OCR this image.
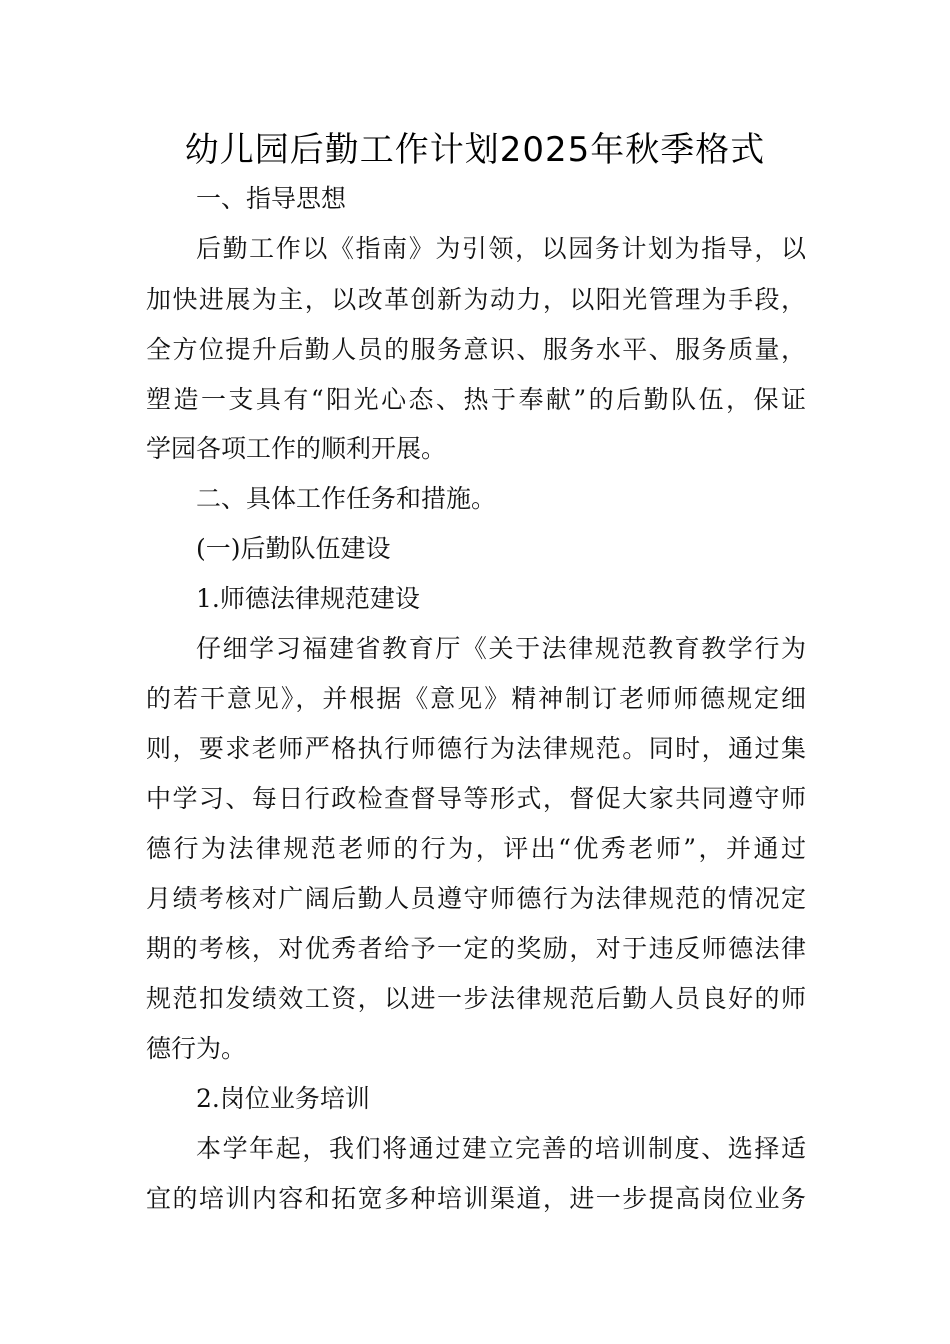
幼儿园后勤工作计划2025年秋季格式
一、指导思想
后勤工作以《指南》为引领，以园务计划为指导，以
加快进展为主，以改革创新为动力，以阳光管理为手段，
全方位提升后勤人员的服务意识、服务水平、服务质量，
塑造一支具有“阳光心态、热于奉献”的后勤队伍，保证
学园各项工作的顺利开展。
二、具体工作任务和措施。
(一)后勤队伍建设
1.师德法律规范建设
仔细学习福建省教育厅《关于法律规范教育教学行为
的若干意见》，并根据《意见》精神制订老师师德规定细
则，要求老师严格执行师德行为法律规范。同时，通过集
中学习、每日行政检查督导等形式，督促大家共同遵守师
德行为法律规范老师的行为，评出“优秀老师”，并通过
月绩考核对广阔后勤人员遵守师德行为法律规范的情况定
期的考核，对优秀者给予一定的奖励，对于违反师德法律
规范扣发绩效工资，以进一步法律规范后勤人员良好的师
德行为。
2.岗位业务培训
本学年起，我们将通过建立完善的培训制度、选择适
宜的培训内容和拓宽多种培训渠道，进一步提高岗位业务
